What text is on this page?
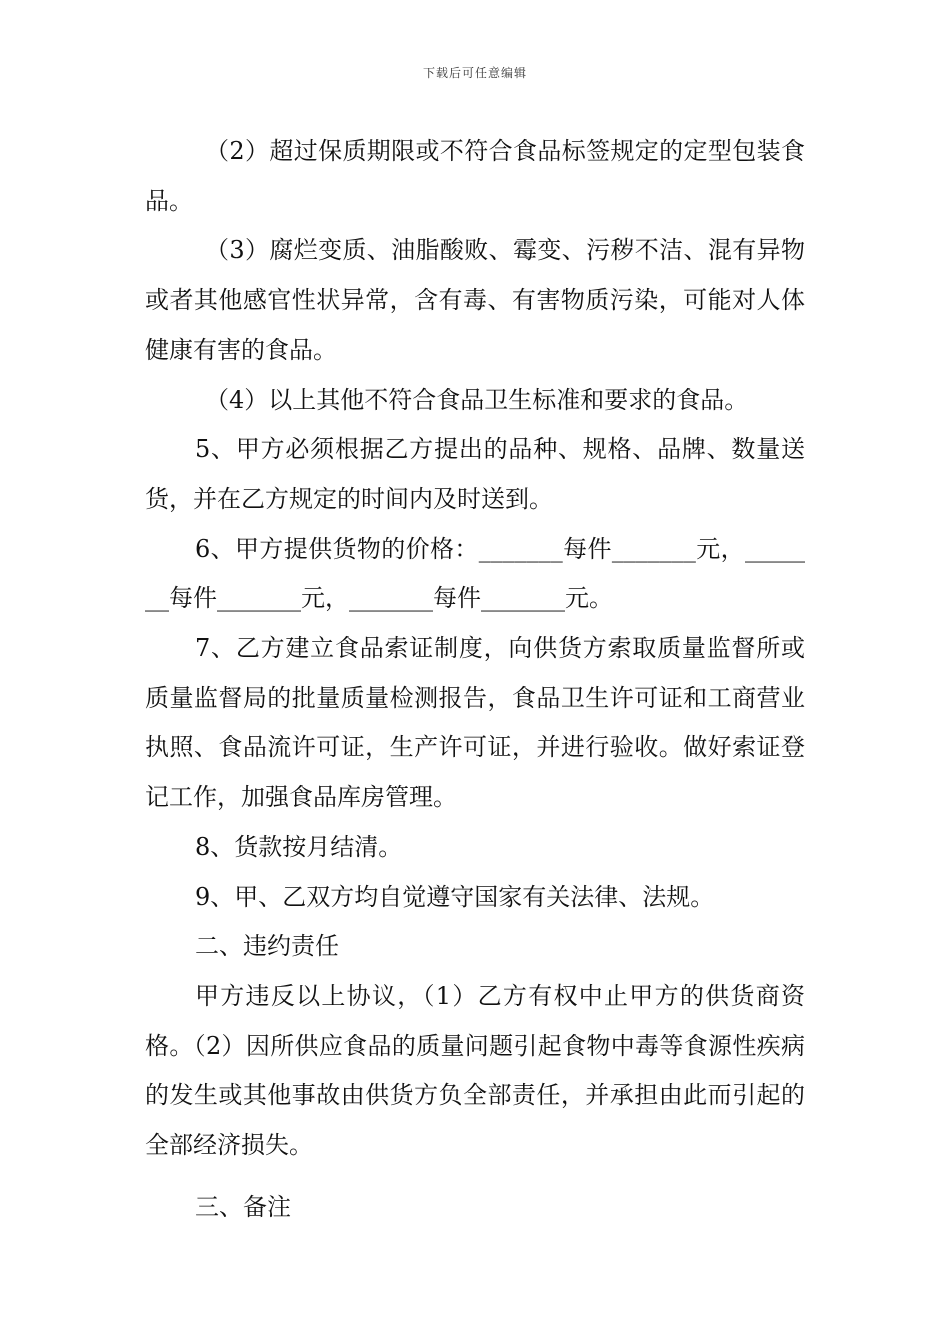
下载后可任意编辑

（2）超过保质期限或不符合食品标签规定的定型包装食品。

（3）腐烂变质、油脂酸败、霉变、污秽不洁、混有异物或者其他感官性状异常，含有毒、有害物质污染，可能对人体健康有害的食品。

（4）以上其他不符合食品卫生标准和要求的食品。

5、甲方必须根据乙方提出的品种、规格、品牌、数量送货，并在乙方规定的时间内及时送到。

6、甲方提供货物的价格：_______每件_______元，_______每件_______元，_______每件_______元。

7、乙方建立食品索证制度，向供货方索取质量监督所或质量监督局的批量质量检测报告，食品卫生许可证和工商营业执照、食品流许可证，生产许可证，并进行验收。做好索证登记工作，加强食品库房管理。

8、货款按月结清。

9、甲、乙双方均自觉遵守国家有关法律、法规。

二、违约责任

甲方违反以上协议，（1）乙方有权中止甲方的供货商资格。（2）因所供应食品的质量问题引起食物中毒等食源性疾病的发生或其他事故由供货方负全部责任，并承担由此而引起的全部经济损失。

三、备注
